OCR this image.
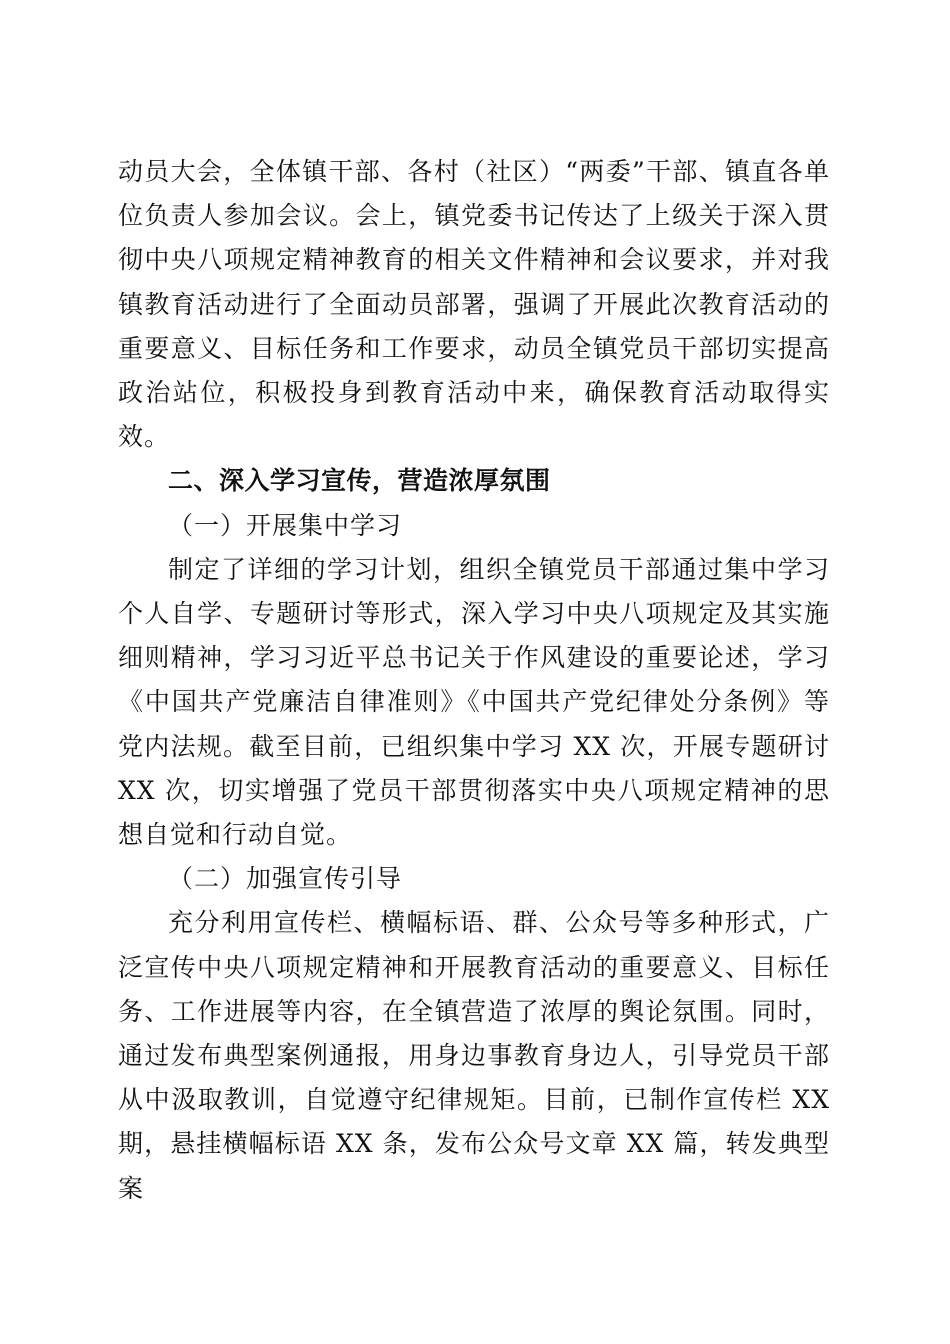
动员大会，全体镇干部、各村（社区）“两委”干部、镇直各单位负责人参加会议。会上，镇党委书记传达了上级关于深入贯彻中央八项规定精神教育的相关文件精神和会议要求，并对我镇教育活动进行了全面动员部署，强调了开展此次教育活动的重要意义、目标任务和工作要求，动员全镇党员干部切实提高政治站位，积极投身到教育活动中来，确保教育活动取得实效。

二、深入学习宣传，营造浓厚氛围

（一）开展集中学习

制定了详细的学习计划，组织全镇党员干部通过集中学习个人自学、专题研讨等形式，深入学习中央八项规定及其实施细则精神，学习习近平总书记关于作风建设的重要论述，学习《中国共产党廉洁自律准则》《中国共产党纪律处分条例》等党内法规。截至目前，已组织集中学习 XX 次，开展专题研讨 XX 次，切实增强了党员干部贯彻落实中央八项规定精神的思想自觉和行动自觉。

（二）加强宣传引导

充分利用宣传栏、横幅标语、群、公众号等多种形式，广泛宣传中央八项规定精神和开展教育活动的重要意义、目标任务、工作进展等内容，在全镇营造了浓厚的舆论氛围。同时，通过发布典型案例通报，用身边事教育身边人，引导党员干部从中汲取教训，自觉遵守纪律规矩。目前，已制作宣传栏 XX 期，悬挂横幅标语 XX 条，发布公众号文章 XX 篇，转发典型案
